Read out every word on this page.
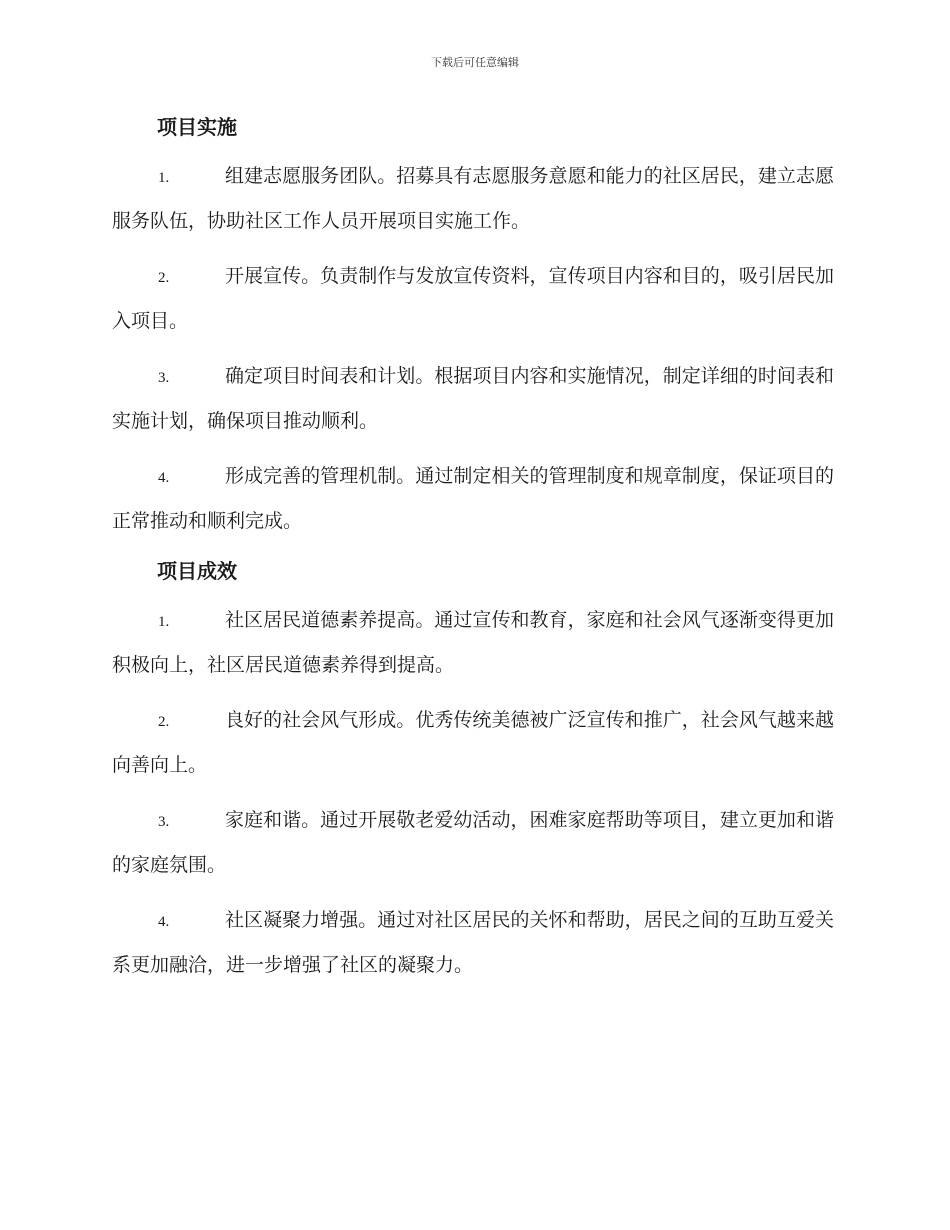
下载后可任意编辑
项目实施

1.	组建志愿服务团队。招募具有志愿服务意愿和能力的社区居民，建立志愿服务队伍，协助社区工作人员开展项目实施工作。

2.	开展宣传。负责制作与发放宣传资料，宣传项目内容和目的，吸引居民加入项目。

3.	确定项目时间表和计划。根据项目内容和实施情况，制定详细的时间表和实施计划，确保项目推动顺利。

4.	形成完善的管理机制。通过制定相关的管理制度和规章制度，保证项目的正常推动和顺利完成。

项目成效

1.	社区居民道德素养提高。通过宣传和教育，家庭和社会风气逐渐变得更加积极向上，社区居民道德素养得到提高。

2.	良好的社会风气形成。优秀传统美德被广泛宣传和推广，社会风气越来越向善向上。

3.	家庭和谐。通过开展敬老爱幼活动，困难家庭帮助等项目，建立更加和谐的家庭氛围。

4.	社区凝聚力增强。通过对社区居民的关怀和帮助，居民之间的互助互爱关系更加融洽，进一步增强了社区的凝聚力。
